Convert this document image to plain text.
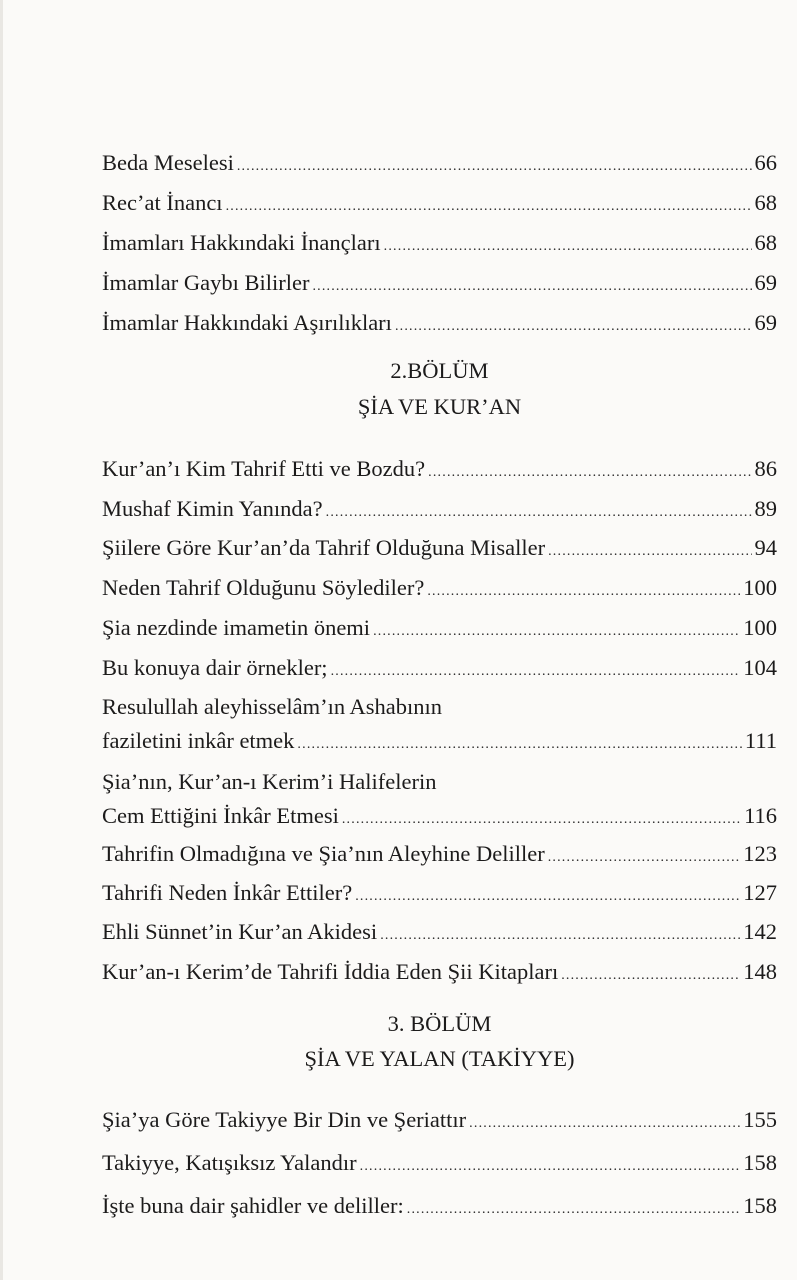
Beda Meselesi .....	66
Rec’at İnancı .....	68
İmamları Hakkındaki İnançları .....	68
İmamlar Gaybı Bilirler .....	69
İmamlar Hakkındaki Aşırılıkları .....	69
2.BÖLÜM
ŞİA VE KUR’AN
Kur’an’ı Kim Tahrif Etti ve Bozdu? .....	86
Mushaf Kimin Yanında? .....	89
Şiilere Göre Kur’an’da Tahrif Olduğuna Misaller .....	94
Neden Tahrif Olduğunu Söylediler? .....	100
Şia nezdinde imametin önemi .....	100
Bu konuya dair örnekler; .....	104
Resulullah aleyhisselâm’ın Ashabının
faziletini inkâr etmek .....	111
Şia’nın, Kur’an-ı Kerim’i Halifelerin
Cem Ettiğini İnkâr Etmesi .....	116
Tahrifin Olmadığına ve Şia’nın Aleyhine Deliller .....	123
Tahrifi Neden İnkâr Ettiler? .....	127
Ehli Sünnet’in Kur’an Akidesi .....	142
Kur’an-ı Kerim’de Tahrifi İddia Eden Şii Kitapları .....	148
3. BÖLÜM
ŞİA VE YALAN (TAKİYYE)
Şia’ya Göre Takiyye Bir Din ve Şeriattır .....	155
Takiyye, Katışıksız Yalandır .....	158
İşte buna dair şahidler ve deliller: .....	158
